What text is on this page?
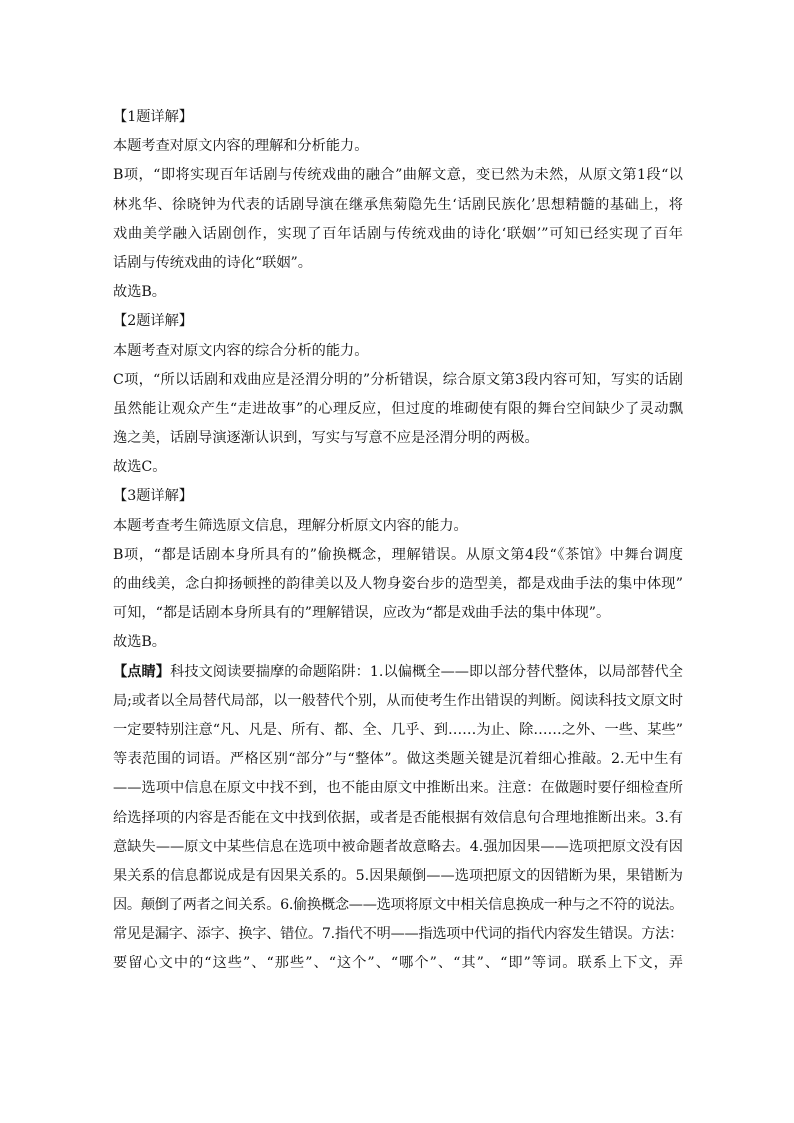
【1题详解】
本题考查对原文内容的理解和分析能力。
B项，“即将实现百年话剧与传统戏曲的融合”曲解文意，变已然为未然，从原文第1段“以
林兆华、徐晓钟为代表的话剧导演在继承焦菊隐先生‘话剧民族化’思想精髓的基础上，将
戏曲美学融入话剧创作，实现了百年话剧与传统戏曲的诗化‘联姻’”可知已经实现了百年
话剧与传统戏曲的诗化“联姻”。
故选B。
【2题详解】
本题考查对原文内容的综合分析的能力。
C项，“所以话剧和戏曲应是泾渭分明的”分析错误，综合原文第3段内容可知，写实的话剧
虽然能让观众产生“走进故事”的心理反应，但过度的堆砌使有限的舞台空间缺少了灵动飘
逸之美，话剧导演逐渐认识到，写实与写意不应是泾渭分明的两极。
故选C。
【3题详解】
本题考查考生筛选原文信息，理解分析原文内容的能力。
B项，“都是话剧本身所具有的”偷换概念，理解错误。从原文第4段“《茶馆》中舞台调度
的曲线美，念白抑扬顿挫的韵律美以及人物身姿台步的造型美，都是戏曲手法的集中体现”
可知，“都是话剧本身所具有的”理解错误，应改为“都是戏曲手法的集中体现”。
故选B。
【点睛】科技文阅读要揣摩的命题陷阱：1.以偏概全——即以部分替代整体，以局部替代全
局;或者以全局替代局部，以一般替代个别，从而使考生作出错误的判断。阅读科技文原文时
一定要特别注意“凡、凡是、所有、都、全、几乎、到……为止、除……之外、一些、某些”
等表范围的词语。严格区别“部分”与“整体”。做这类题关键是沉着细心推敲。2.无中生有
——选项中信息在原文中找不到，也不能由原文中推断出来。注意：在做题时要仔细检查所
给选择项的内容是否能在文中找到依据，或者是否能根据有效信息句合理地推断出来。3.有
意缺失——原文中某些信息在选项中被命题者故意略去。4.强加因果——选项把原文没有因
果关系的信息都说成是有因果关系的。5.因果颠倒——选项把原文的因错断为果，果错断为
因。颠倒了两者之间关系。6.偷换概念——选项将原文中相关信息换成一种与之不符的说法。
常见是漏字、添字、换字、错位。7.指代不明——指选项中代词的指代内容发生错误。方法：
要留心文中的“这些”、“那些”、“这个”、“哪个”、“其”、“即”等词。联系上下文，弄
